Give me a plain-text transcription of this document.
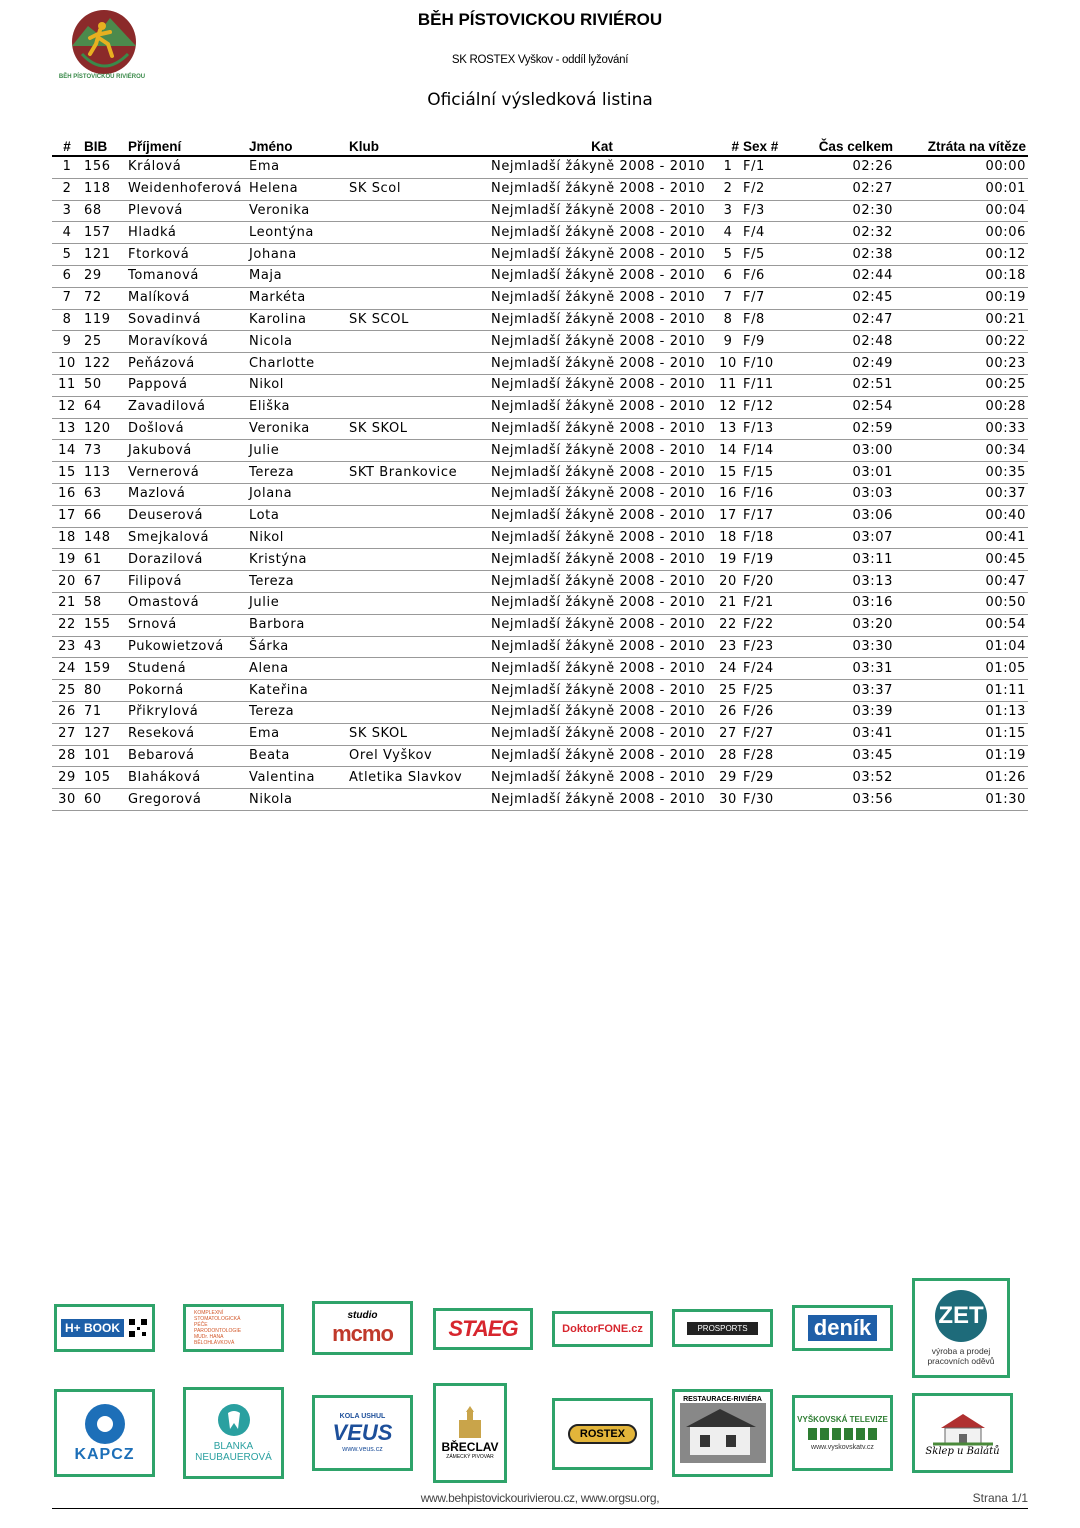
BĚH PÍSTOVICKOU RIVIÉROU
BĚH PÍSTOVICKOU RIVIÉROU
SK ROSTEX Vyškov - oddíl lyžování
Oficiální výsledková listina
#	BIB	Příjmení	Jméno	Klub	Kat	#	Sex #	Čas celkem	Ztráta na vítěze
1	156	Králová	Ema		Nejmladší žákyně 2008 - 2010	1	F/1	02:26	00:00
2	118	Weidenhoferová	Helena	SK Scol	Nejmladší žákyně 2008 - 2010	2	F/2	02:27	00:01
3	68	Plevová	Veronika		Nejmladší žákyně 2008 - 2010	3	F/3	02:30	00:04
4	157	Hladká	Leontýna		Nejmladší žákyně 2008 - 2010	4	F/4	02:32	00:06
5	121	Ftorková	Johana		Nejmladší žákyně 2008 - 2010	5	F/5	02:38	00:12
6	29	Tomanová	Maja		Nejmladší žákyně 2008 - 2010	6	F/6	02:44	00:18
7	72	Malíková	Markéta		Nejmladší žákyně 2008 - 2010	7	F/7	02:45	00:19
8	119	Sovadinvá	Karolina	SK SCOL	Nejmladší žákyně 2008 - 2010	8	F/8	02:47	00:21
9	25	Moravíková	Nicola		Nejmladší žákyně 2008 - 2010	9	F/9	02:48	00:22
10	122	Peňázová	Charlotte		Nejmladší žákyně 2008 - 2010	10	F/10	02:49	00:23
11	50	Pappová	Nikol		Nejmladší žákyně 2008 - 2010	11	F/11	02:51	00:25
12	64	Zavadilová	Eliška		Nejmladší žákyně 2008 - 2010	12	F/12	02:54	00:28
13	120	Došlová	Veronika	SK SKOL	Nejmladší žákyně 2008 - 2010	13	F/13	02:59	00:33
14	73	Jakubová	Julie		Nejmladší žákyně 2008 - 2010	14	F/14	03:00	00:34
15	113	Vernerová	Tereza	SKT Brankovice	Nejmladší žákyně 2008 - 2010	15	F/15	03:01	00:35
16	63	Mazlová	Jolana		Nejmladší žákyně 2008 - 2010	16	F/16	03:03	00:37
17	66	Deuserová	Lota		Nejmladší žákyně 2008 - 2010	17	F/17	03:06	00:40
18	148	Smejkalová	Nikol		Nejmladší žákyně 2008 - 2010	18	F/18	03:07	00:41
19	61	Dorazilová	Kristýna		Nejmladší žákyně 2008 - 2010	19	F/19	03:11	00:45
20	67	Filipová	Tereza		Nejmladší žákyně 2008 - 2010	20	F/20	03:13	00:47
21	58	Omastová	Julie		Nejmladší žákyně 2008 - 2010	21	F/21	03:16	00:50
22	155	Srnová	Barbora		Nejmladší žákyně 2008 - 2010	22	F/22	03:20	00:54
23	43	Pukowietzová	Šárka		Nejmladší žákyně 2008 - 2010	23	F/23	03:30	01:04
24	159	Studená	Alena		Nejmladší žákyně 2008 - 2010	24	F/24	03:31	01:05
25	80	Pokorná	Kateřina		Nejmladší žákyně 2008 - 2010	25	F/25	03:37	01:11
26	71	Přikrylová	Tereza		Nejmladší žákyně 2008 - 2010	26	F/26	03:39	01:13
27	127	Reseková	Ema	SK SKOL	Nejmladší žákyně 2008 - 2010	27	F/27	03:41	01:15
28	101	Bebarová	Beata	Orel Vyškov	Nejmladší žákyně 2008 - 2010	28	F/28	03:45	01:19
29	105	Blaháková	Valentina	Atletika Slavkov	Nejmladší žákyně 2008 - 2010	29	F/29	03:52	01:26
30	60	Gregorová	Nikola		Nejmladší žákyně 2008 - 2010	30	F/30	03:56	01:30
H+ BOOK
KOMPLEXNÍ STOMATOLOGICKÁ PÉČE PARODONTOLOGIE MUDr. HANA BĚLOHLÁVKOVÁ
studio
mcmo	STAEG	DoktorFONE.cz	PROSPORTS	deník	ZET
výroba a prodej pracovních oděvů
KAPCZ	BLANKA NEUBAUEROVÁ
KOLA USHUL
VEUS
www.veus.cz	BŘECLAV
ZÁMECKÝ PIVOVAR
ROSTEX
RESTAURACE-RIVIÉRA
VYŠKOVSKÁ TELEVIZE
www.vyskovskatv.cz	Sklep u Balátů
www.behpistovickourivierou.cz, www.orgsu.org,	Strana 1/1
